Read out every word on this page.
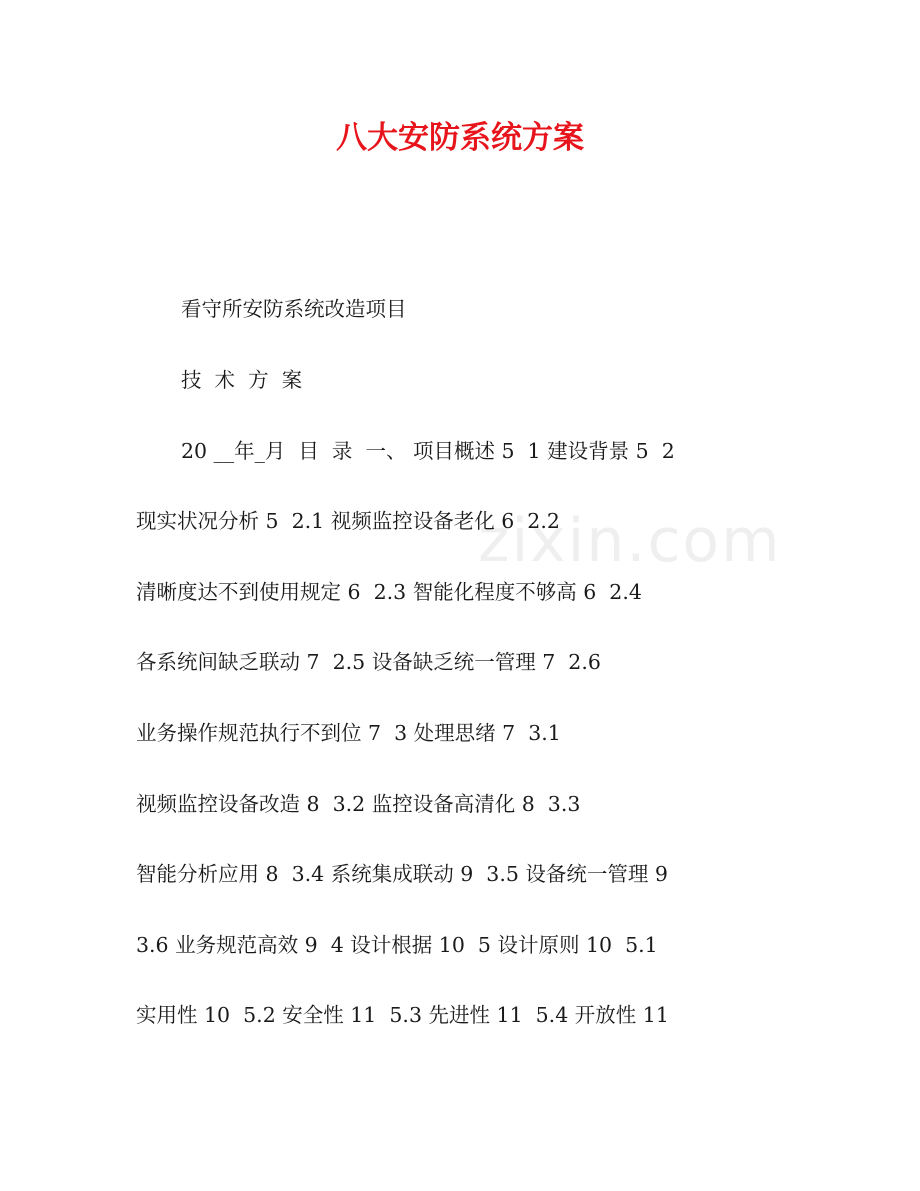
zixin.com
八大安防系统方案
看守所安防系统改造项目
技  术  方  案
20 __年_月  目  录  一、 项目概述 5  1 建设背景 5  2
现实状况分析 5  2.1 视频监控设备老化 6  2.2
清晰度达不到使用规定 6  2.3 智能化程度不够高 6  2.4
各系统间缺乏联动 7  2.5 设备缺乏统一管理 7  2.6
业务操作规范执行不到位 7  3 处理思绪 7  3.1
视频监控设备改造 8  3.2 监控设备高清化 8  3.3
智能分析应用 8  3.4 系统集成联动 9  3.5 设备统一管理 9
3.6 业务规范高效 9  4 设计根据 10  5 设计原则 10  5.1
实用性 10  5.2 安全性 11  5.3 先进性 11  5.4 开放性 11
